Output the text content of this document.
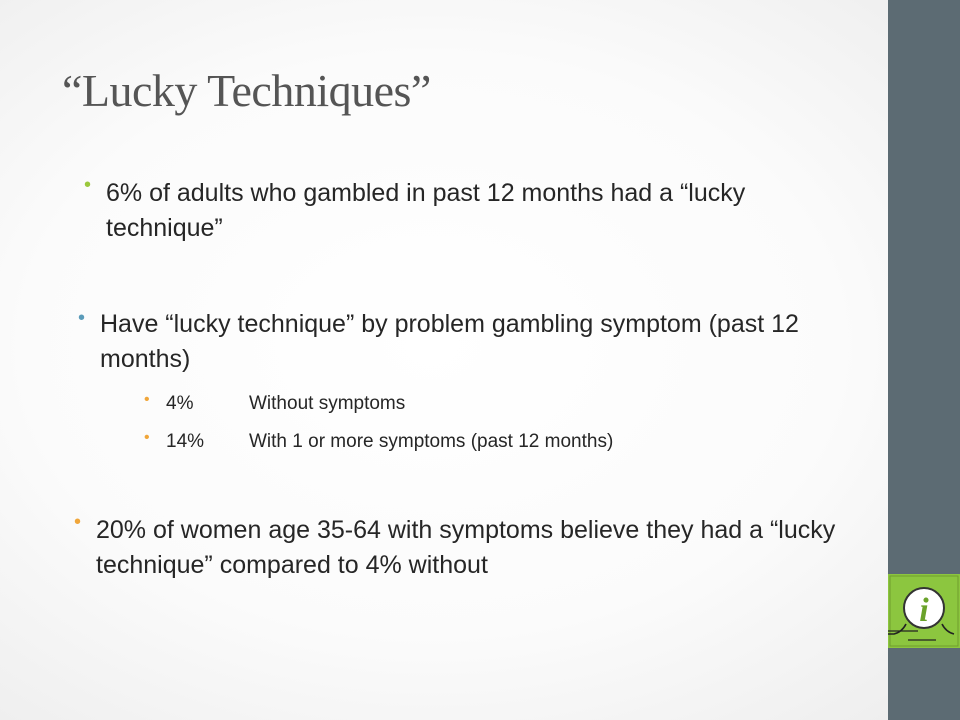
“Lucky Techniques”
• 6% of adults who gambled in past 12 months had a “lucky technique”
• Have “lucky technique” by problem gambling symptom (past 12 months)
• 4%	Without symptoms
• 14% With 1 or more symptoms (past 12 months)
• 20% of women age 35-64 with symptoms believe they had a “lucky technique” compared to 4% without
i
